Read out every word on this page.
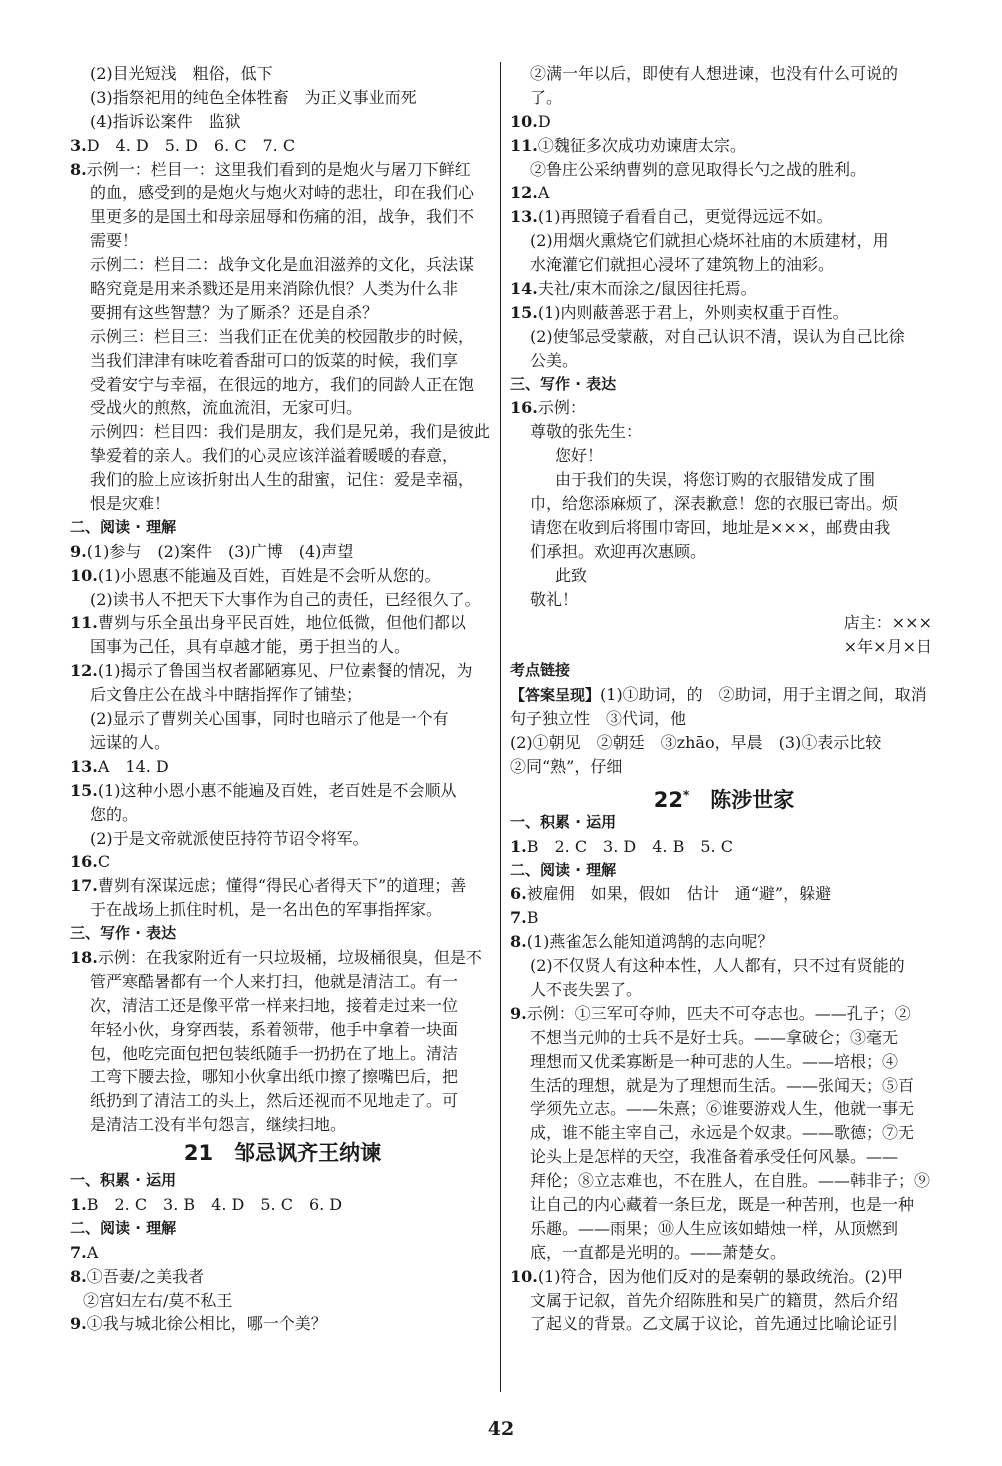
(2)目光短浅　粗俗，低下
(3)指祭祀用的纯色全体牲畜　为正义事业而死
(4)指诉讼案件　监狱
3.D　4. D　5. D　6. C　7. C
8.示例一：栏目一：这里我们看到的是炮火与屠刀下鲜红
的血，感受到的是炮火与炮火对峙的悲壮，印在我们心
里更多的是国土和母亲屈辱和伤痛的泪，战争，我们不
需要！
示例二：栏目二：战争文化是血泪滋养的文化，兵法谋
略究竟是用来杀戮还是用来消除仇恨？人类为什么非
要拥有这些智慧？为了厮杀？还是自杀？
示例三：栏目三：当我们正在优美的校园散步的时候，
当我们津津有味吃着香甜可口的饭菜的时候，我们享
受着安宁与幸福，在很远的地方，我们的同龄人正在饱
受战火的煎熬，流血流泪，无家可归。
示例四：栏目四：我们是朋友，我们是兄弟，我们是彼此
挚爱着的亲人。我们的心灵应该洋溢着暖暖的春意，
我们的脸上应该折射出人生的甜蜜，记住：爱是幸福，
恨是灾难！
二、阅读 · 理解
9.(1)参与　(2)案件　(3)广博　(4)声望
10.(1)小恩惠不能遍及百姓，百姓是不会听从您的。
(2)读书人不把天下大事作为自己的责任，已经很久了。
11.曹刿与乐全虽出身平民百姓，地位低微，但他们都以
国事为己任，具有卓越才能，勇于担当的人。
12.(1)揭示了鲁国当权者鄙陋寡见、尸位素餐的情况，为
后文鲁庄公在战斗中瞎指挥作了铺垫；
(2)显示了曹刿关心国事，同时也暗示了他是一个有
远谋的人。
13.A　14. D
15.(1)这种小恩小惠不能遍及百姓，老百姓是不会顺从
您的。
(2)于是文帝就派使臣持符节诏令将军。
16.C
17.曹刿有深谋远虑；懂得“得民心者得天下”的道理；善
于在战场上抓住时机，是一名出色的军事指挥家。
三、写作 · 表达
18.示例：在我家附近有一只垃圾桶，垃圾桶很臭，但是不
管严寒酷暑都有一个人来打扫，他就是清洁工。有一
次，清洁工还是像平常一样来扫地，接着走过来一位
年轻小伙，身穿西装，系着领带，他手中拿着一块面
包，他吃完面包把包装纸随手一扔扔在了地上。清洁
工弯下腰去捡，哪知小伙拿出纸巾擦了擦嘴巴后，把
纸扔到了清洁工的头上，然后还视而不见地走了。可
是清洁工没有半句怨言，继续扫地。
21　邹忌讽齐王纳谏
一、积累 · 运用
1.B　2. C　3. B　4. D　5. C　6. D
二、阅读 · 理解
7.A
8.①吾妻/之美我者
②宫妇左右/莫不私王
9.①我与城北徐公相比，哪一个美？
②满一年以后，即使有人想进谏，也没有什么可说的
了。
10.D
11.①魏征多次成功劝谏唐太宗。
②鲁庄公采纳曹刿的意见取得长勺之战的胜利。
12.A
13.(1)再照镜子看看自己，更觉得远远不如。
(2)用烟火熏烧它们就担心烧坏社庙的木质建材，用
水淹灌它们就担心浸坏了建筑物上的油彩。
14.夫社/束木而涂之/鼠因往托焉。
15.(1)内则蔽善恶于君上，外则卖权重于百性。
(2)使邹忌受蒙蔽，对自己认识不清，误认为自己比徐
公美。
三、写作 · 表达
16.示例：
尊敬的张先生：
您好！
由于我们的失误，将您订购的衣服错发成了围
巾，给您添麻烦了，深表歉意！您的衣服已寄出。烦
请您在收到后将围巾寄回，地址是×××，邮费由我
们承担。欢迎再次惠顾。
此致
敬礼！
店主：×××
×年×月×日
考点链接
【答案呈现】(1)①助词，的　②助词，用于主谓之间，取消
句子独立性　③代词，他
(2)①朝见　②朝廷　③zhāo，早晨　(3)①表示比较
②同“熟”，仔细
22*　 陈涉世家
一、积累 · 运用
1.B　2. C　3. D　4. B　5. C
二、阅读 · 理解
6.被雇佣　如果，假如　估计　通“避”，躲避
7.B
8.(1)燕雀怎么能知道鸿鹄的志向呢？
(2)不仅贤人有这种本性，人人都有，只不过有贤能的
人不丧失罢了。
9.示例：①三军可夺帅，匹夫不可夺志也。——孔子；②
不想当元帅的士兵不是好士兵。——拿破仑；③毫无
理想而又优柔寡断是一种可悲的人生。——培根；④
生活的理想，就是为了理想而生活。——张闻天；⑤百
学须先立志。——朱熹；⑥谁要游戏人生，他就一事无
成，谁不能主宰自己，永远是个奴隶。——歌德；⑦无
论头上是怎样的天空，我准备着承受任何风暴。——
拜伦；⑧立志难也，不在胜人，在自胜。——韩非子；⑨
让自己的内心藏着一条巨龙，既是一种苦刑，也是一种
乐趣。——雨果；⑩人生应该如蜡烛一样，从顶燃到
底，一直都是光明的。——萧楚女。
10.(1)符合，因为他们反对的是秦朝的暴政统治。(2)甲
文属于记叙，首先介绍陈胜和吴广的籍贯，然后介绍
了起义的背景。乙文属于议论，首先通过比喻论证引
42
